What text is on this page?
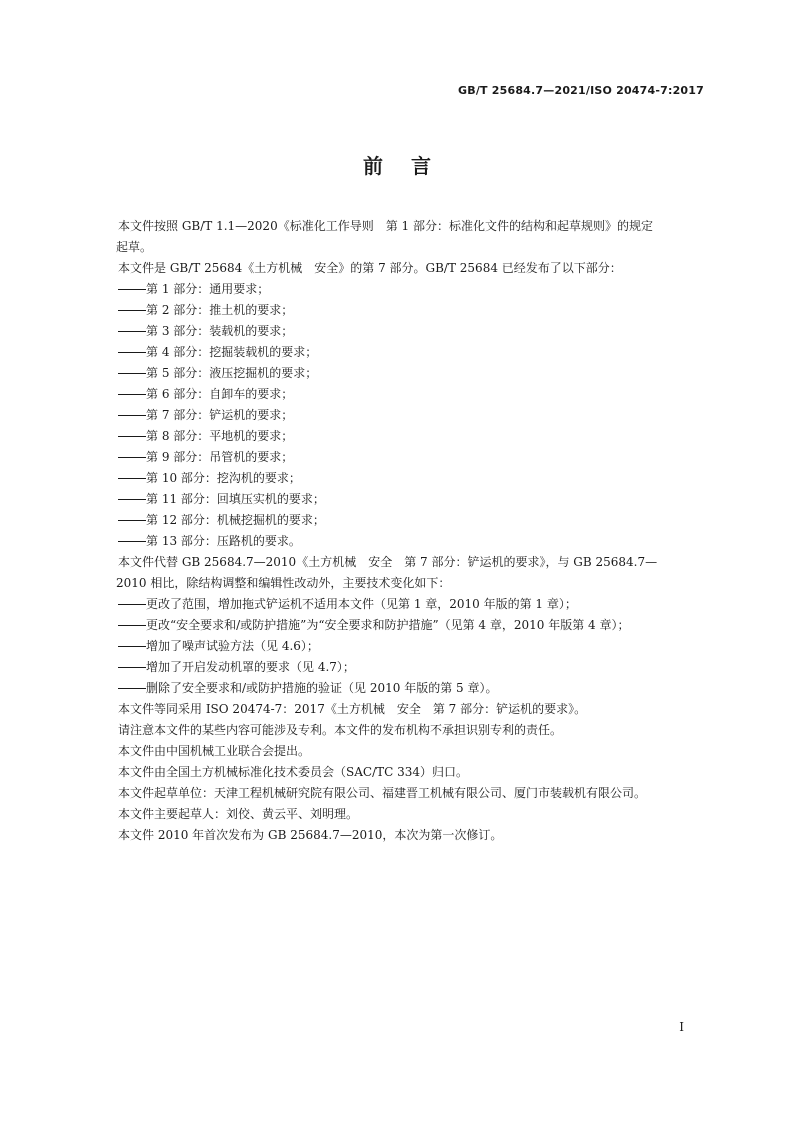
GB/T 25684.7—2021/ISO 20474-7:2017
前言

本文件按照 GB/T 1.1—2020《标准化工作导则　第 1 部分：标准化文件的结构和起草规则》的规定

起草。

本文件是 GB/T 25684《土方机械　安全》的第 7 部分。GB/T 25684 已经发布了以下部分：

第 1 部分：通用要求；

第 2 部分：推土机的要求；

第 3 部分：装载机的要求；

第 4 部分：挖掘装载机的要求；

第 5 部分：液压挖掘机的要求；

第 6 部分：自卸车的要求；

第 7 部分：铲运机的要求；

第 8 部分：平地机的要求；

第 9 部分：吊管机的要求；

第 10 部分：挖沟机的要求；

第 11 部分：回填压实机的要求；

第 12 部分：机械挖掘机的要求；

第 13 部分：压路机的要求。

本文件代替 GB 25684.7—2010《土方机械　安全　第 7 部分：铲运机的要求》，与 GB 25684.7—

2010 相比，除结构调整和编辑性改动外，主要技术变化如下：

更改了范围，增加拖式铲运机不适用本文件（见第 1 章，2010 年版的第 1 章）；

更改“安全要求和/或防护措施”为“安全要求和防护措施”（见第 4 章，2010 年版第 4 章）；

增加了噪声试验方法（见 4.6）；

增加了开启发动机罩的要求（见 4.7）；

删除了安全要求和/或防护措施的验证（见 2010 年版的第 5 章）。

本文件等同采用 ISO 20474-7：2017《土方机械　安全　第 7 部分：铲运机的要求》。

请注意本文件的某些内容可能涉及专利。本文件的发布机构不承担识别专利的责任。

本文件由中国机械工业联合会提出。

本文件由全国土方机械标准化技术委员会（SAC/TC 334）归口。

本文件起草单位：天津工程机械研究院有限公司、福建晋工机械有限公司、厦门市装载机有限公司。

本文件主要起草人：刘佼、黄云平、刘明理。

本文件 2010 年首次发布为 GB 25684.7—2010，本次为第一次修订。

I
